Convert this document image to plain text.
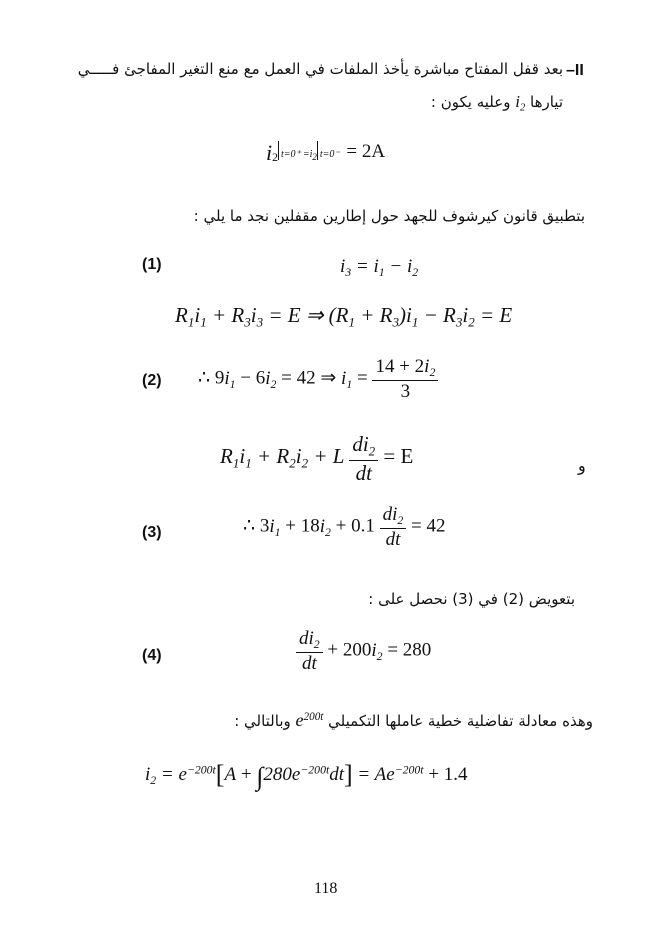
–II
بعد قفل المفتاح مباشرة يأخذ الملفات في العمل مع منع التغير المفاجئ فـــــي
تيارها $i_2$ وعليه يكون :
$i_2$ $t=0^+ =i_2$ t=0⁻ = 2A
بتطبيق قانون كيرشوف للجهد حول إطارين مقفلين نجد ما يلي :
(1)	$i_3 = i_1 - i_2$
$R_1i_1 + R_3i_3 = E$ ⇒ $(R_1 + R_3)i_1 - R_3i_2 = E$
(2) ∴ $9i_1 - 6i_2 = 42$ ⇒ $i_1 = \frac{14 + 2i_2}{3}$
$R_1i_1 + R_2i_2 + L \frac{di_2}{dt} = E$	و
(3)	∴ $3i_1 + 18i_2 + 0.1 \frac{di_2}{dt} = 42$
بتعويض (2) في (3) نحصل على :
(4)	$\frac{di_2}{dt} + 200i_2 = 280$
وهذه معادلة تفاضلية خطية عاملها التكميلي $e^{200t}$ وبالتالي :
$i_2 = e^{-200t}[A + \int 280e^{-200t}dt] = Ae^{-200t} + 1.4$
118
